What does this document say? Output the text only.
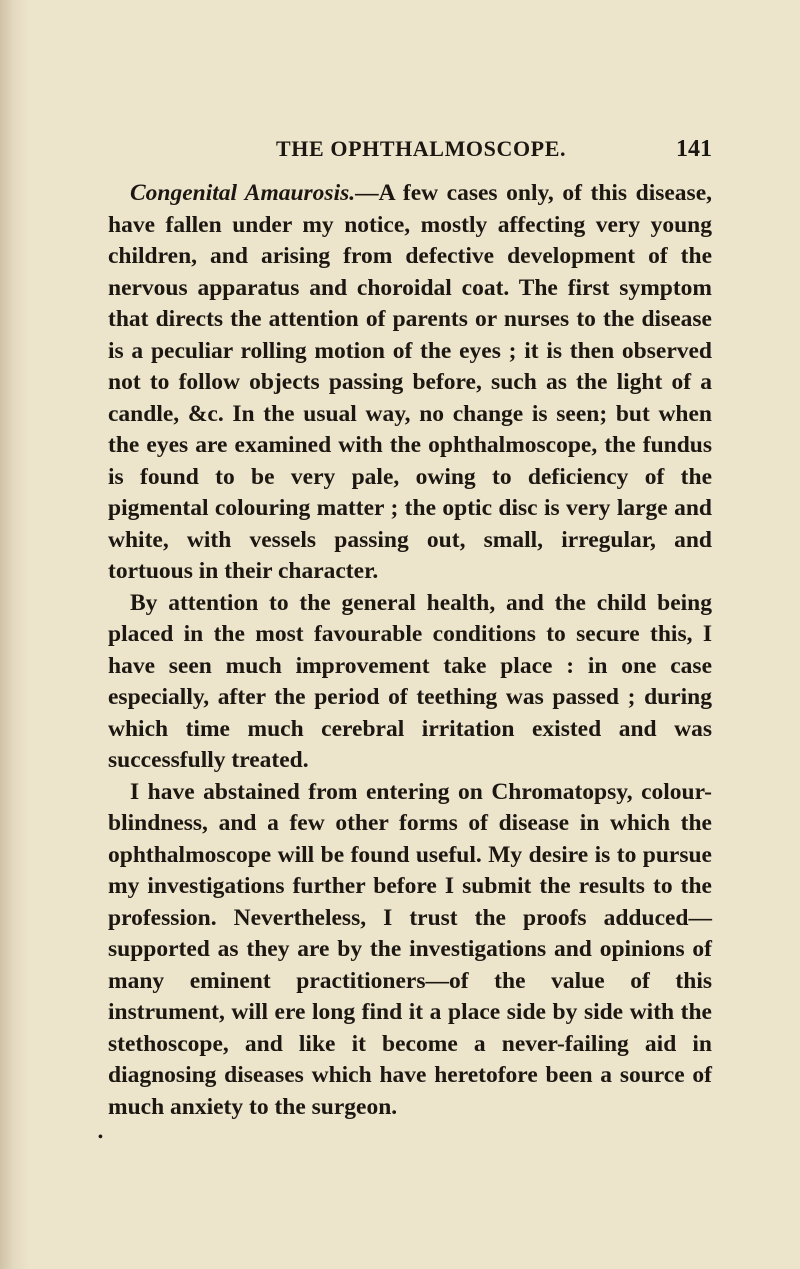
THE OPHTHALMOSCOPE.	141

Congenital Amaurosis.—A few cases only, of this disease, have fallen under my notice, mostly affecting very young children, and arising from defective development of the nervous apparatus and choroidal coat. The first symptom that directs the attention of parents or nurses to the disease is a peculiar rolling motion of the eyes ; it is then observed not to follow objects passing before, such as the light of a candle, &c. In the usual way, no change is seen; but when the eyes are examined with the ophthalmoscope, the fundus is found to be very pale, owing to deficiency of the pigmental colouring matter ; the optic disc is very large and white, with vessels passing out, small, irregular, and tortuous in their character.

By attention to the general health, and the child being placed in the most favourable conditions to secure this, I have seen much improvement take place : in one case especially, after the period of teething was passed ; during which time much cerebral irritation existed and was successfully treated.

I have abstained from entering on Chromatopsy, colour-blindness, and a few other forms of disease in which the ophthalmoscope will be found useful. My desire is to pursue my investigations further before I submit the results to the profession. Nevertheless, I trust the proofs adduced—supported as they are by the investigations and opinions of many eminent practitioners—of the value of this instrument, will ere long find it a place side by side with the stethoscope, and like it become a never-failing aid in diagnosing diseases which have heretofore been a source of much anxiety to the surgeon.

•
